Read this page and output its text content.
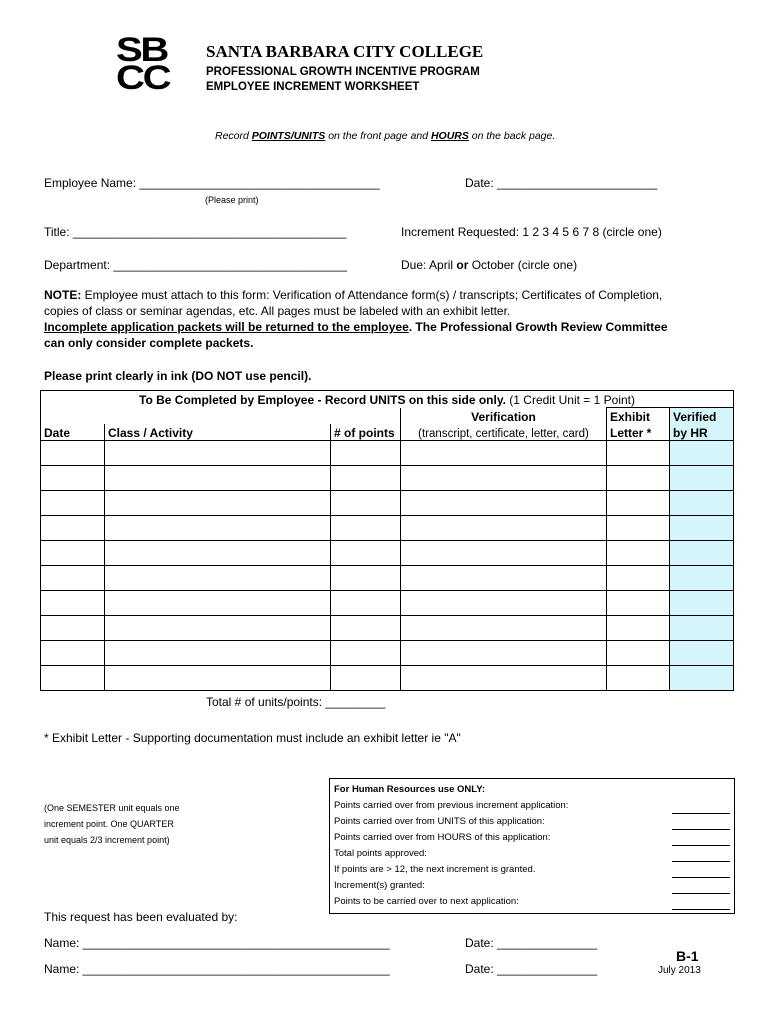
SB
CC
SANTA BARBARA CITY COLLEGE
PROFESSIONAL GROWTH INCENTIVE PROGRAM
EMPLOYEE INCREMENT WORKSHEET
Record POINTS/UNITS on the front page and HOURS on the back page.
Employee Name: ____________________________________
(Please print)
Date: ________________________
Title: _________________________________________	Increment Requested: 1 2 3 4 5 6 7 8 (circle one)
Department: ___________________________________	Due: April or October (circle one)
NOTE: Employee must attach to this form: Verification of Attendance form(s) / transcripts; Certificates of Completion, copies of class or seminar agendas, etc. All pages must be labeled with an exhibit letter.
Incomplete application packets will be returned to the employee. The Professional Growth Review Committee can only consider complete packets.
Please print clearly in ink (DO NOT use pencil).
To Be Completed by Employee - Record UNITS on this side only. (1 Credit Unit = 1 Point)					
			Verification	Exhibit	Verified
Date	Class / Activity	# of points	(transcript, certificate, letter, card)	Letter *	by HR

Total # of units/points: _________
* Exhibit Letter - Supporting documentation must include an exhibit letter ie "A"
(One SEMESTER unit equals one
increment point. One QUARTER
unit equals 2/3 increment point)
For Human Resources use ONLY:
Points carried over from previous increment application:
Points carried over from UNITS of this application:
Points carried over from HOURS of this application:
Total points approved:
If points are > 12, the next increment is granted.
Increment(s) granted:
Points to be carried over to next application:
This request has been evaluated by:
Name: ______________________________________________	Date: _______________
Name: ______________________________________________	Date: _______________
B-1
July 2013
